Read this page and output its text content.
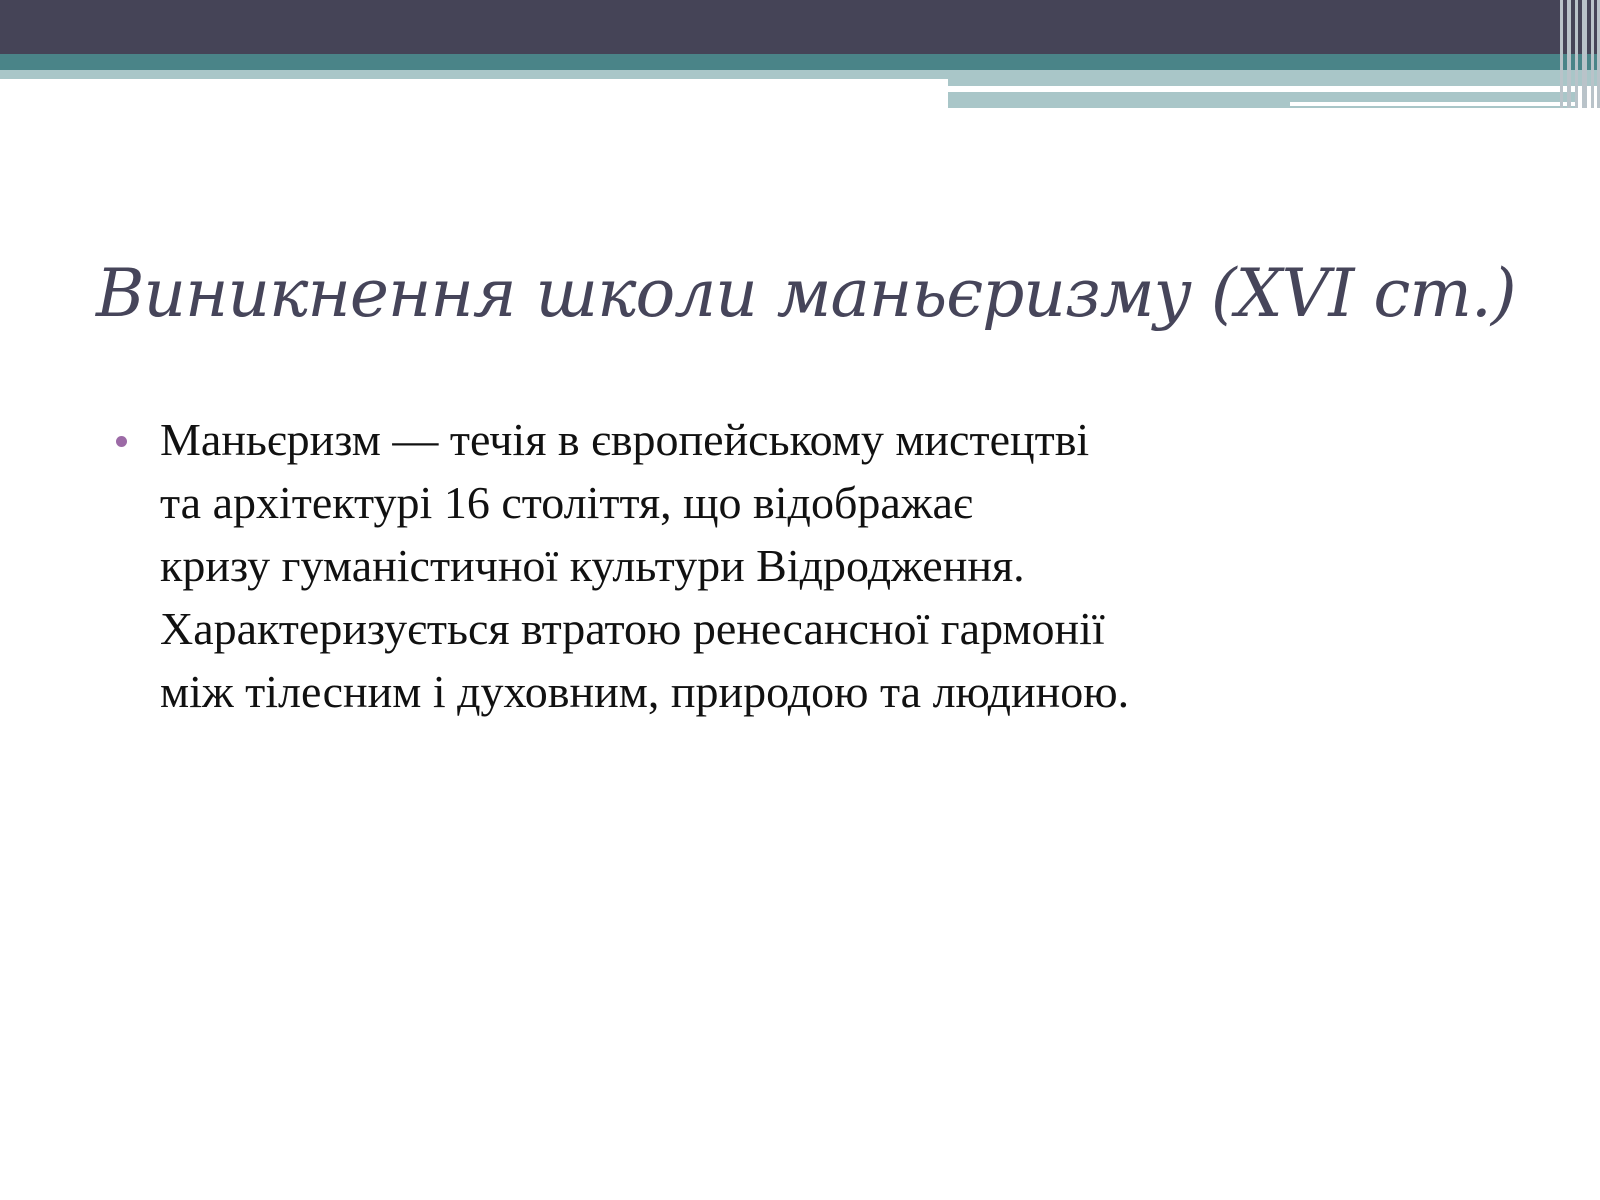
Виникнення школи маньєризму (XVI ст.)
Маньєризм — течія в європейському мистецтві
та архітектурі 16 століття, що відображає
кризу гуманістичної культури Відродження.
Характеризується втратою ренесансної гармонії
між тілесним і духовним, природою та людиною.
